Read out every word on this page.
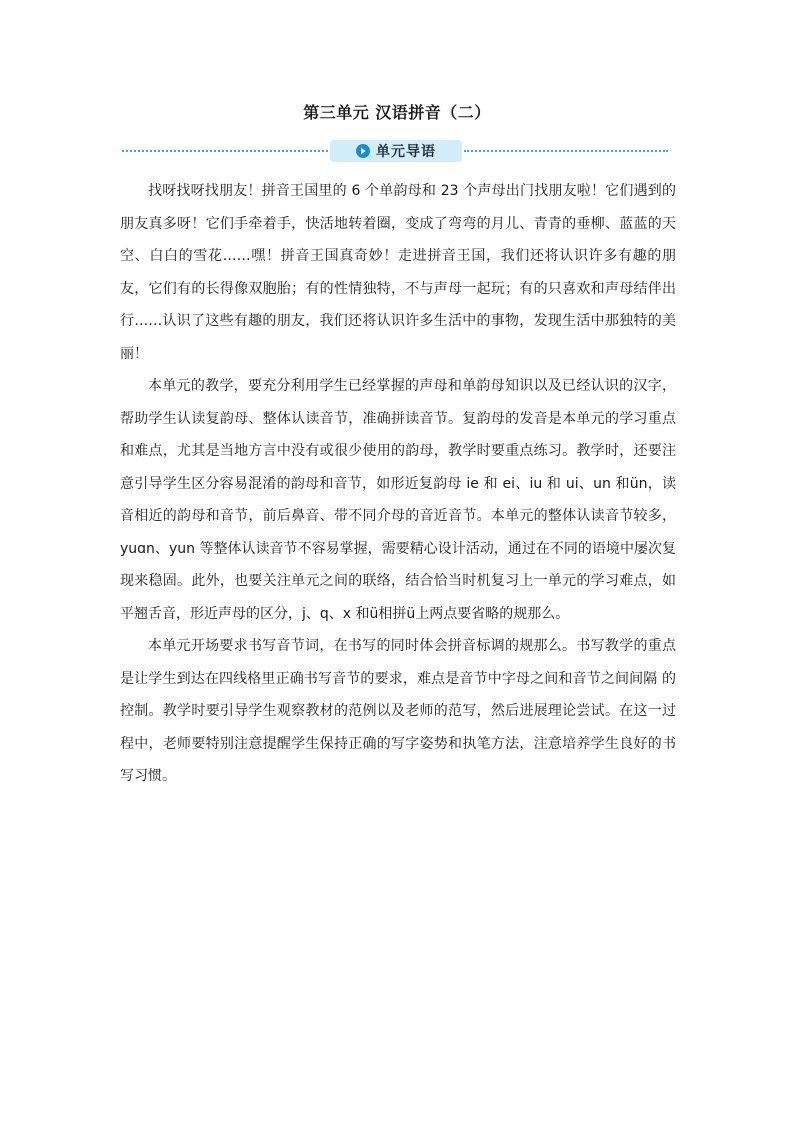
第三单元 汉语拼音（二）
单元导语

找呀找呀找朋友！拼音王国里的 6 个单韵母和 23 个声母出门找朋友啦！它们遇到的朋友真多呀！它们手牵着手，快活地转着圈，变成了弯弯的月儿、青青的垂柳、蓝蓝的天空、白白的雪花……嘿！拼音王国真奇妙！走进拼音王国，我们还将认识许多有趣的朋友，它们有的长得像双胞胎；有的性情独特，不与声母一起玩；有的只喜欢和声母结伴出行……认识了这些有趣的朋友，我们还将认识许多生活中的事物，发现生活中那独特的美丽！

本单元的教学，要充分利用学生已经掌握的声母和单韵母知识以及已经认识的汉字，帮助学生认读复韵母、整体认读音节，准确拼读音节。复韵母的发音是本单元的学习重点和难点，尤其是当地方言中没有或很少使用的韵母，教学时要重点练习。教学时，还要注意引导学生区分容易混淆的韵母和音节，如形近复韵母 ie 和 ei、iu 和 ui、un 和ün，读音相近的韵母和音节，前后鼻音、带不同介母的音近音节。本单元的整体认读音节较多，yuɑn、yun 等整体认读音节不容易掌握，需要精心设计活动，通过在不同的语境中屡次复现来稳固。此外，也要关注单元之间的联络，结合恰当时机复习上一单元的学习难点，如平翘舌音，形近声母的区分，j、q、x 和ü相拼ü上两点要省略的规那么。

本单元开场要求书写音节词，在书写的同时体会拼音标调的规那么。书写教学的重点是让学生到达在四线格里正确书写音节的要求，难点是音节中字母之间和音节之间间隔 的控制。教学时要引导学生观察教材的范例以及老师的范写，然后进展理论尝试。在这一过程中，老师要特别注意提醒学生保持正确的写字姿势和执笔方法，注意培养学生良好的书写习惯。
